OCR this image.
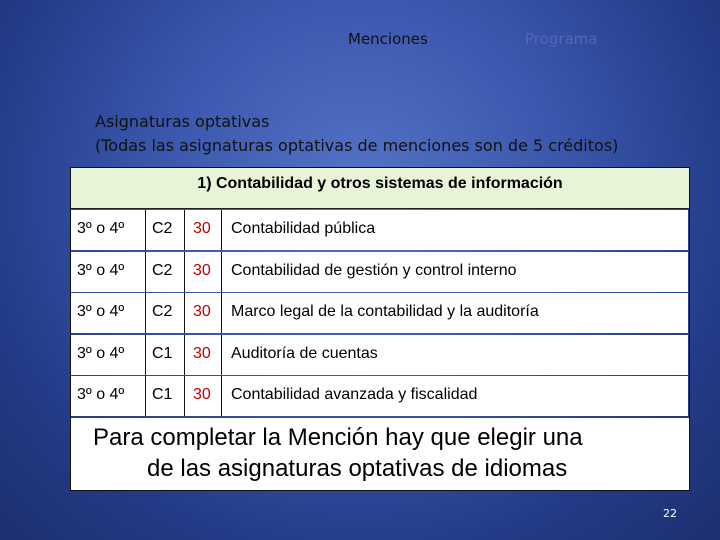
Menciones	Programa
Asignaturas optativas
(Todas las asignaturas optativas de menciones son de 5 créditos)
1) Contabilidad y otros sistemas de información
3º o 4º	C2	30	Contabilidad pública
3º o 4º	C2	30	Contabilidad de gestión y control interno
3º o 4º	C2	30	Marco legal de la contabilidad y la auditoría
3º o 4º	C1	30	Auditoría de cuentas
3º o 4º	C1	30	Contabilidad avanzada y fiscalidad
Para completar la Mención hay que elegir una
de las asignaturas optativas de idiomas
22
